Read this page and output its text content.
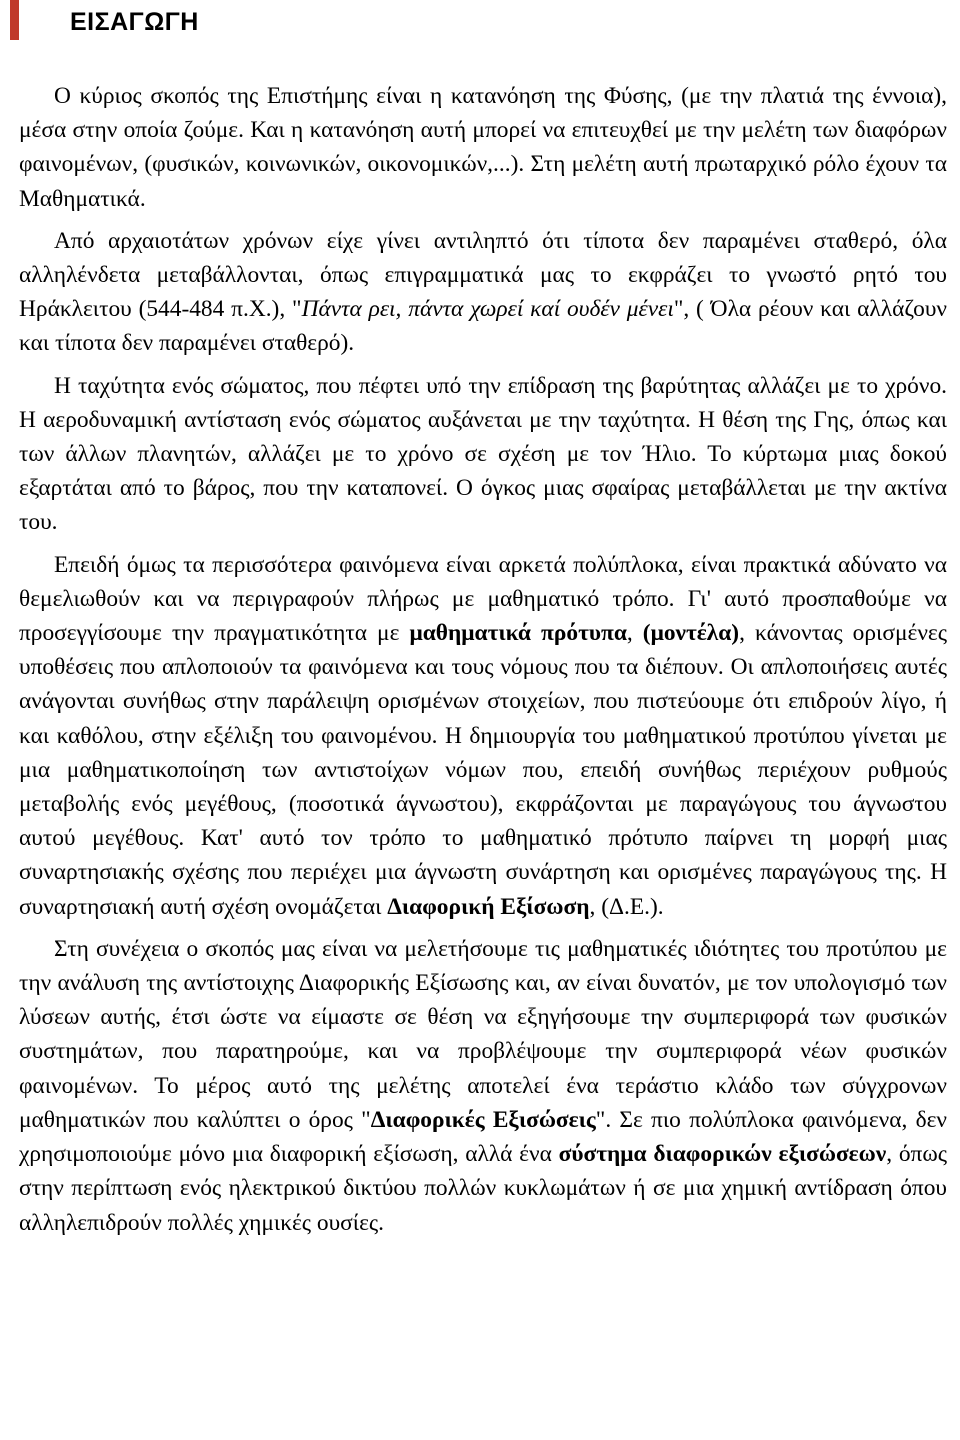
ΕΙΣΑΓΩΓΗ

Ο κύριος σκοπός της Επιστήμης είναι η κατανόηση της Φύσης, (με την πλατιά της έννοια), μέσα στην οποία ζούμε. Και η κατανόηση αυτή μπορεί να επιτευχθεί με την μελέτη των διαφόρων φαινομένων, (φυσικών, κοινωνικών, οικονομικών,...). Στη μελέτη αυτή πρωταρχικό ρόλο έχουν τα Μαθηματικά.

Από αρχαιοτάτων χρόνων είχε γίνει αντιληπτό ότι τίποτα δεν παραμένει σταθερό, όλα αλληλένδετα μεταβάλλονται, όπως επιγραμματικά μας το εκφράζει το γνωστό ρητό του Ηράκλειτου (544-484 π.Χ.), "Πάντα ρει, πάντα χωρεί καί ουδέν μένει", ( Όλα ρέουν και αλλάζουν και τίποτα δεν παραμένει σταθερό).

Η ταχύτητα ενός σώματος, που πέφτει υπό την επίδραση της βαρύτητας αλλάζει με το χρόνο. Η αεροδυναμική αντίσταση ενός σώματος αυξάνεται με την ταχύτητα. Η θέση της Γης, όπως και των άλλων πλανητών, αλλάζει με το χρόνο σε σχέση με τον Ήλιο. Το κύρτωμα μιας δοκού εξαρτάται από το βάρος, που την καταπονεί. Ο όγκος μιας σφαίρας μεταβάλλεται με την ακτίνα του.

Επειδή όμως τα περισσότερα φαινόμενα είναι αρκετά πολύπλοκα, είναι πρακτικά αδύνατο να θεμελιωθούν και να περιγραφούν πλήρως με μαθηματικό τρόπο. Γι' αυτό προσπαθούμε να προσεγγίσουμε την πραγματικότητα με μαθηματικά πρότυπα, (μοντέλα), κάνοντας ορισμένες υποθέσεις που απλοποιούν τα φαινόμενα και τους νόμους που τα διέπουν. Οι απλοποιήσεις αυτές ανάγονται συνήθως στην παράλειψη ορισμένων στοιχείων, που πιστεύουμε ότι επιδρούν λίγο, ή και καθόλου, στην εξέλιξη του φαινομένου. Η δημιουργία του μαθηματικού προτύπου γίνεται με μια μαθηματικοποίηση των αντιστοίχων νόμων που, επειδή συνήθως περιέχουν ρυθμούς μεταβολής ενός μεγέθους, (ποσοτικά άγνωστου), εκφράζονται με παραγώγους του άγνωστου αυτού μεγέθους. Κατ' αυτό τον τρόπο το μαθηματικό πρότυπο παίρνει τη μορφή μιας συναρτησιακής σχέσης που περιέχει μια άγνωστη συνάρτηση και ορισμένες παραγώγους της. Η συναρτησιακή αυτή σχέση ονομάζεται Διαφορική Εξίσωση, (Δ.Ε.).

Στη συνέχεια ο σκοπός μας είναι να μελετήσουμε τις μαθηματικές ιδιότητες του προτύπου με την ανάλυση της αντίστοιχης Διαφορικής Εξίσωσης και, αν είναι δυνατόν, με τον υπολογισμό των λύσεων αυτής, έτσι ώστε να είμαστε σε θέση να εξηγήσουμε την συμπεριφορά των φυσικών συστημάτων, που παρατηρούμε, και να προβλέψουμε την συμπεριφορά νέων φυσικών φαινομένων. Το μέρος αυτό της μελέτης αποτελεί ένα τεράστιο κλάδο των σύγχρονων μαθηματικών που καλύπτει ο όρος "Διαφορικές Εξισώσεις". Σε πιο πολύπλοκα φαινόμενα, δεν χρησιμοποιούμε μόνο μια διαφορική εξίσωση, αλλά ένα σύστημα διαφορικών εξισώσεων, όπως στην περίπτωση ενός ηλεκτρικού δικτύου πολλών κυκλωμάτων ή σε μια χημική αντίδραση όπου αλληλεπιδρούν πολλές χημικές ουσίες.
